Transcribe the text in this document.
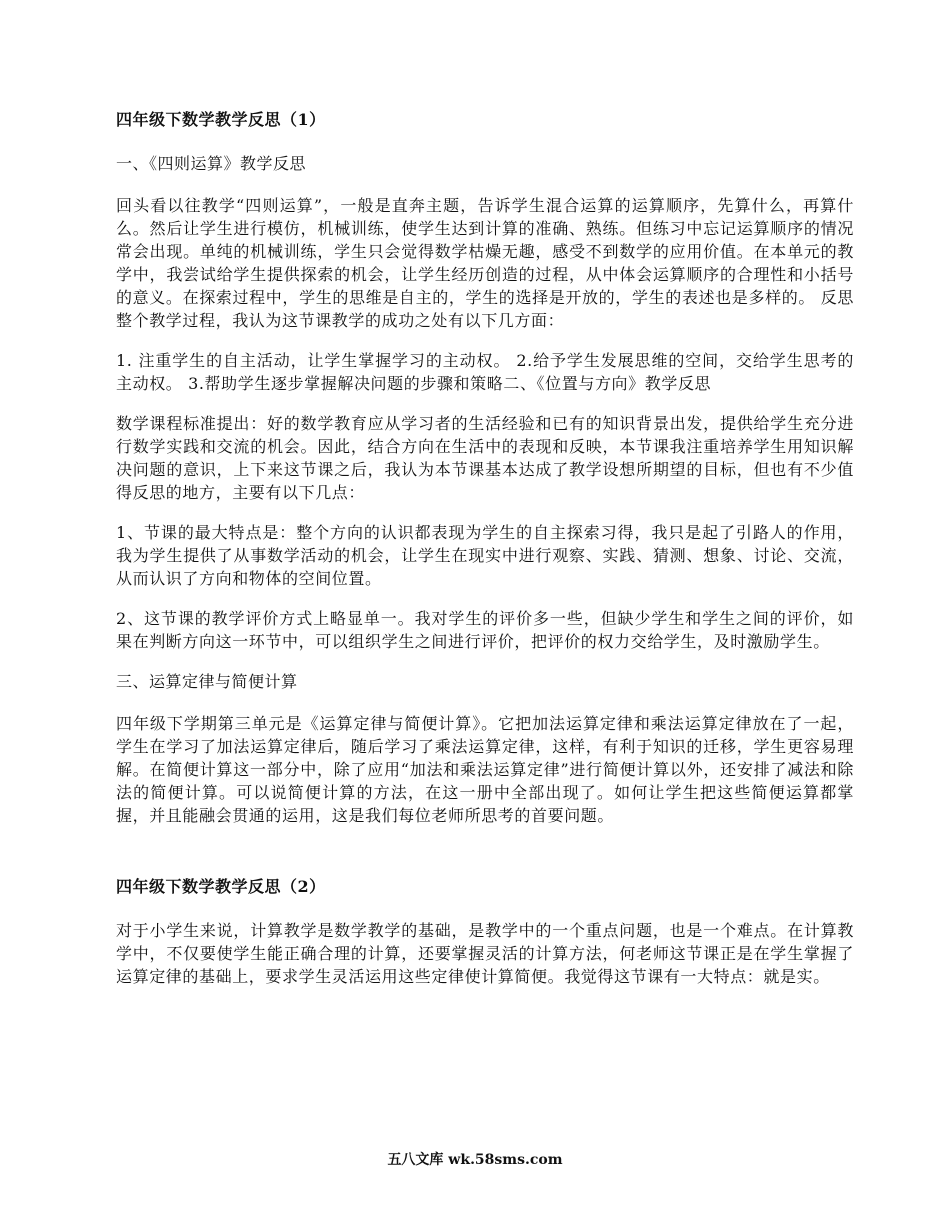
四年级下数学教学反思（1）
一、《四则运算》教学反思

回头看以往教学“四则运算”，一般是直奔主题，告诉学生混合运算的运算顺序，先算什么，再算什么。然后让学生进行模仿，机械训练，使学生达到计算的准确、熟练。但练习中忘记运算顺序的情况常会出现。单纯的机械训练，学生只会觉得数学枯燥无趣，感受不到数学的应用价值。在本单元的教学中，我尝试给学生提供探索的机会，让学生经历创造的过程，从中体会运算顺序的合理性和小括号的意义。在探索过程中，学生的思维是自主的，学生的选择是开放的，学生的表述也是多样的。 反思整个教学过程，我认为这节课教学的成功之处有以下几方面：

1. 注重学生的自主活动，让学生掌握学习的主动权。 2.给予学生发展思维的空间，交给学生思考的主动权。 3.帮助学生逐步掌握解决问题的步骤和策略二、《位置与方向》教学反思

数学课程标准提出：好的数学教育应从学习者的生活经验和已有的知识背景出发，提供给学生充分进行数学实践和交流的机会。因此，结合方向在生活中的表现和反映，本节课我注重培养学生用知识解决问题的意识，上下来这节课之后，我认为本节课基本达成了教学设想所期望的目标，但也有不少值得反思的地方，主要有以下几点：

1、节课的最大特点是：整个方向的认识都表现为学生的自主探索习得，我只是起了引路人的作用，我为学生提供了从事数学活动的机会，让学生在现实中进行观察、实践、猜测、想象、讨论、交流，从而认识了方向和物体的空间位置。

2、这节课的教学评价方式上略显单一。我对学生的评价多一些，但缺少学生和学生之间的评价，如果在判断方向这一环节中，可以组织学生之间进行评价，把评价的权力交给学生，及时激励学生。

三、运算定律与简便计算

四年级下学期第三单元是《运算定律与简便计算》。它把加法运算定律和乘法运算定律放在了一起，学生在学习了加法运算定律后，随后学习了乘法运算定律，这样，有利于知识的迁移，学生更容易理解。在简便计算这一部分中，除了应用“加法和乘法运算定律”进行简便计算以外，还安排了减法和除法的简便计算。可以说简便计算的方法，在这一册中全部出现了。如何让学生把这些简便运算都掌握，并且能融会贯通的运用，这是我们每位老师所思考的首要问题。

四年级下数学教学反思（2）

对于小学生来说，计算教学是数学教学的基础，是教学中的一个重点问题，也是一个难点。在计算教学中，不仅要使学生能正确合理的计算，还要掌握灵活的计算方法，何老师这节课正是在学生掌握了运算定律的基础上，要求学生灵活运用这些定律使计算简便。我觉得这节课有一大特点：就是实。

五八文库 wk.58sms.com
